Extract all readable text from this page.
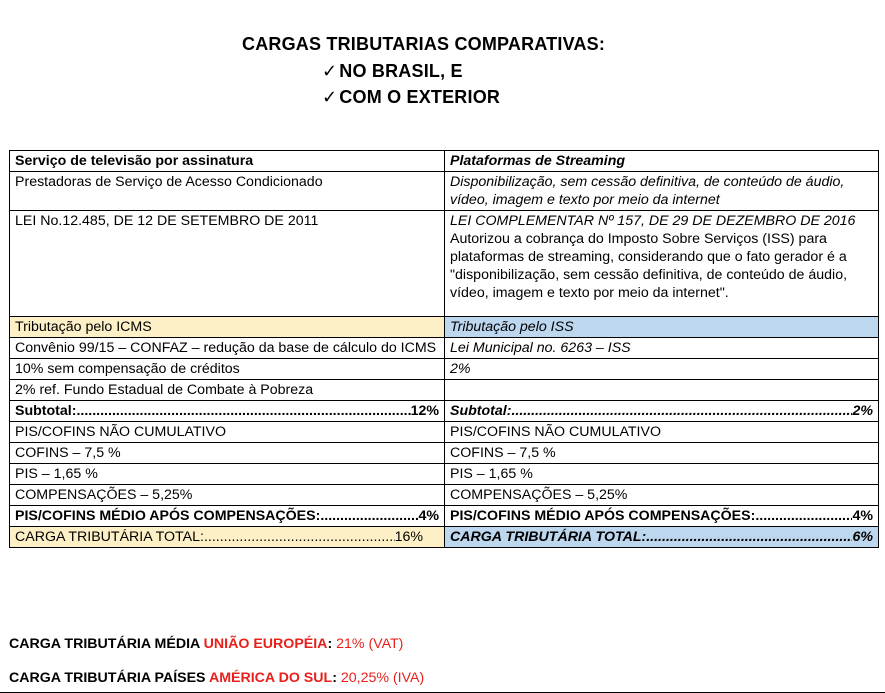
CARGAS TRIBUTARIAS COMPARATIVAS:
✓ NO BRASIL, E
✓ COM O EXTERIOR
Serviço de televisão por assinatura	Plataformas de Streaming
Prestadoras de Serviço de Acesso Condicionado	Disponibilização, sem cessão definitiva, de conteúdo de áudio, vídeo, imagem e texto por meio da internet
LEI No.12.485, DE 12 DE SETEMBRO DE 2011	LEI COMPLEMENTAR Nº 157, DE 29 DE DEZEMBRO DE 2016
Autorizou a cobrança do Imposto Sobre Serviços (ISS) para plataformas de streaming, considerando que o fato gerador é a "disponibilização, sem cessão definitiva, de conteúdo de áudio, vídeo, imagem e texto por meio da internet".

Tributação pelo ICMS	Tributação pelo ISS
Convênio 99/15 – CONFAZ – redução da base de cálculo do ICMS	Lei Municipal no. 6263 – ISS
10% sem compensação de créditos	2%
2% ref. Fundo Estadual de Combate à Pobreza	

Subtotal: ..... 12%	Subtotal: ..... 2%

PIS/COFINS NÃO CUMULATIVO	PIS/COFINS NÃO CUMULATIVO
COFINS – 7,5 %	COFINS – 7,5 %
PIS – 1,65 %	PIS – 1,65 %
COMPENSAÇÕES – 5,25%	COMPENSAÇÕES – 5,25%

PIS/COFINS MÉDIO APÓS COMPENSAÇÕES: ..... 4%	PIS/COFINS MÉDIO APÓS COMPENSAÇÕES: ..... 4%

CARGA TRIBUTÁRIA TOTAL: ..... 16%	CARGA TRIBUTÁRIA TOTAL: ..... 6%
CARGA TRIBUTÁRIA MÉDIA UNIÃO EUROPÉIA: 21% (VAT)
CARGA TRIBUTÁRIA PAÍSES AMÉRICA DO SUL: 20,25% (IVA)
